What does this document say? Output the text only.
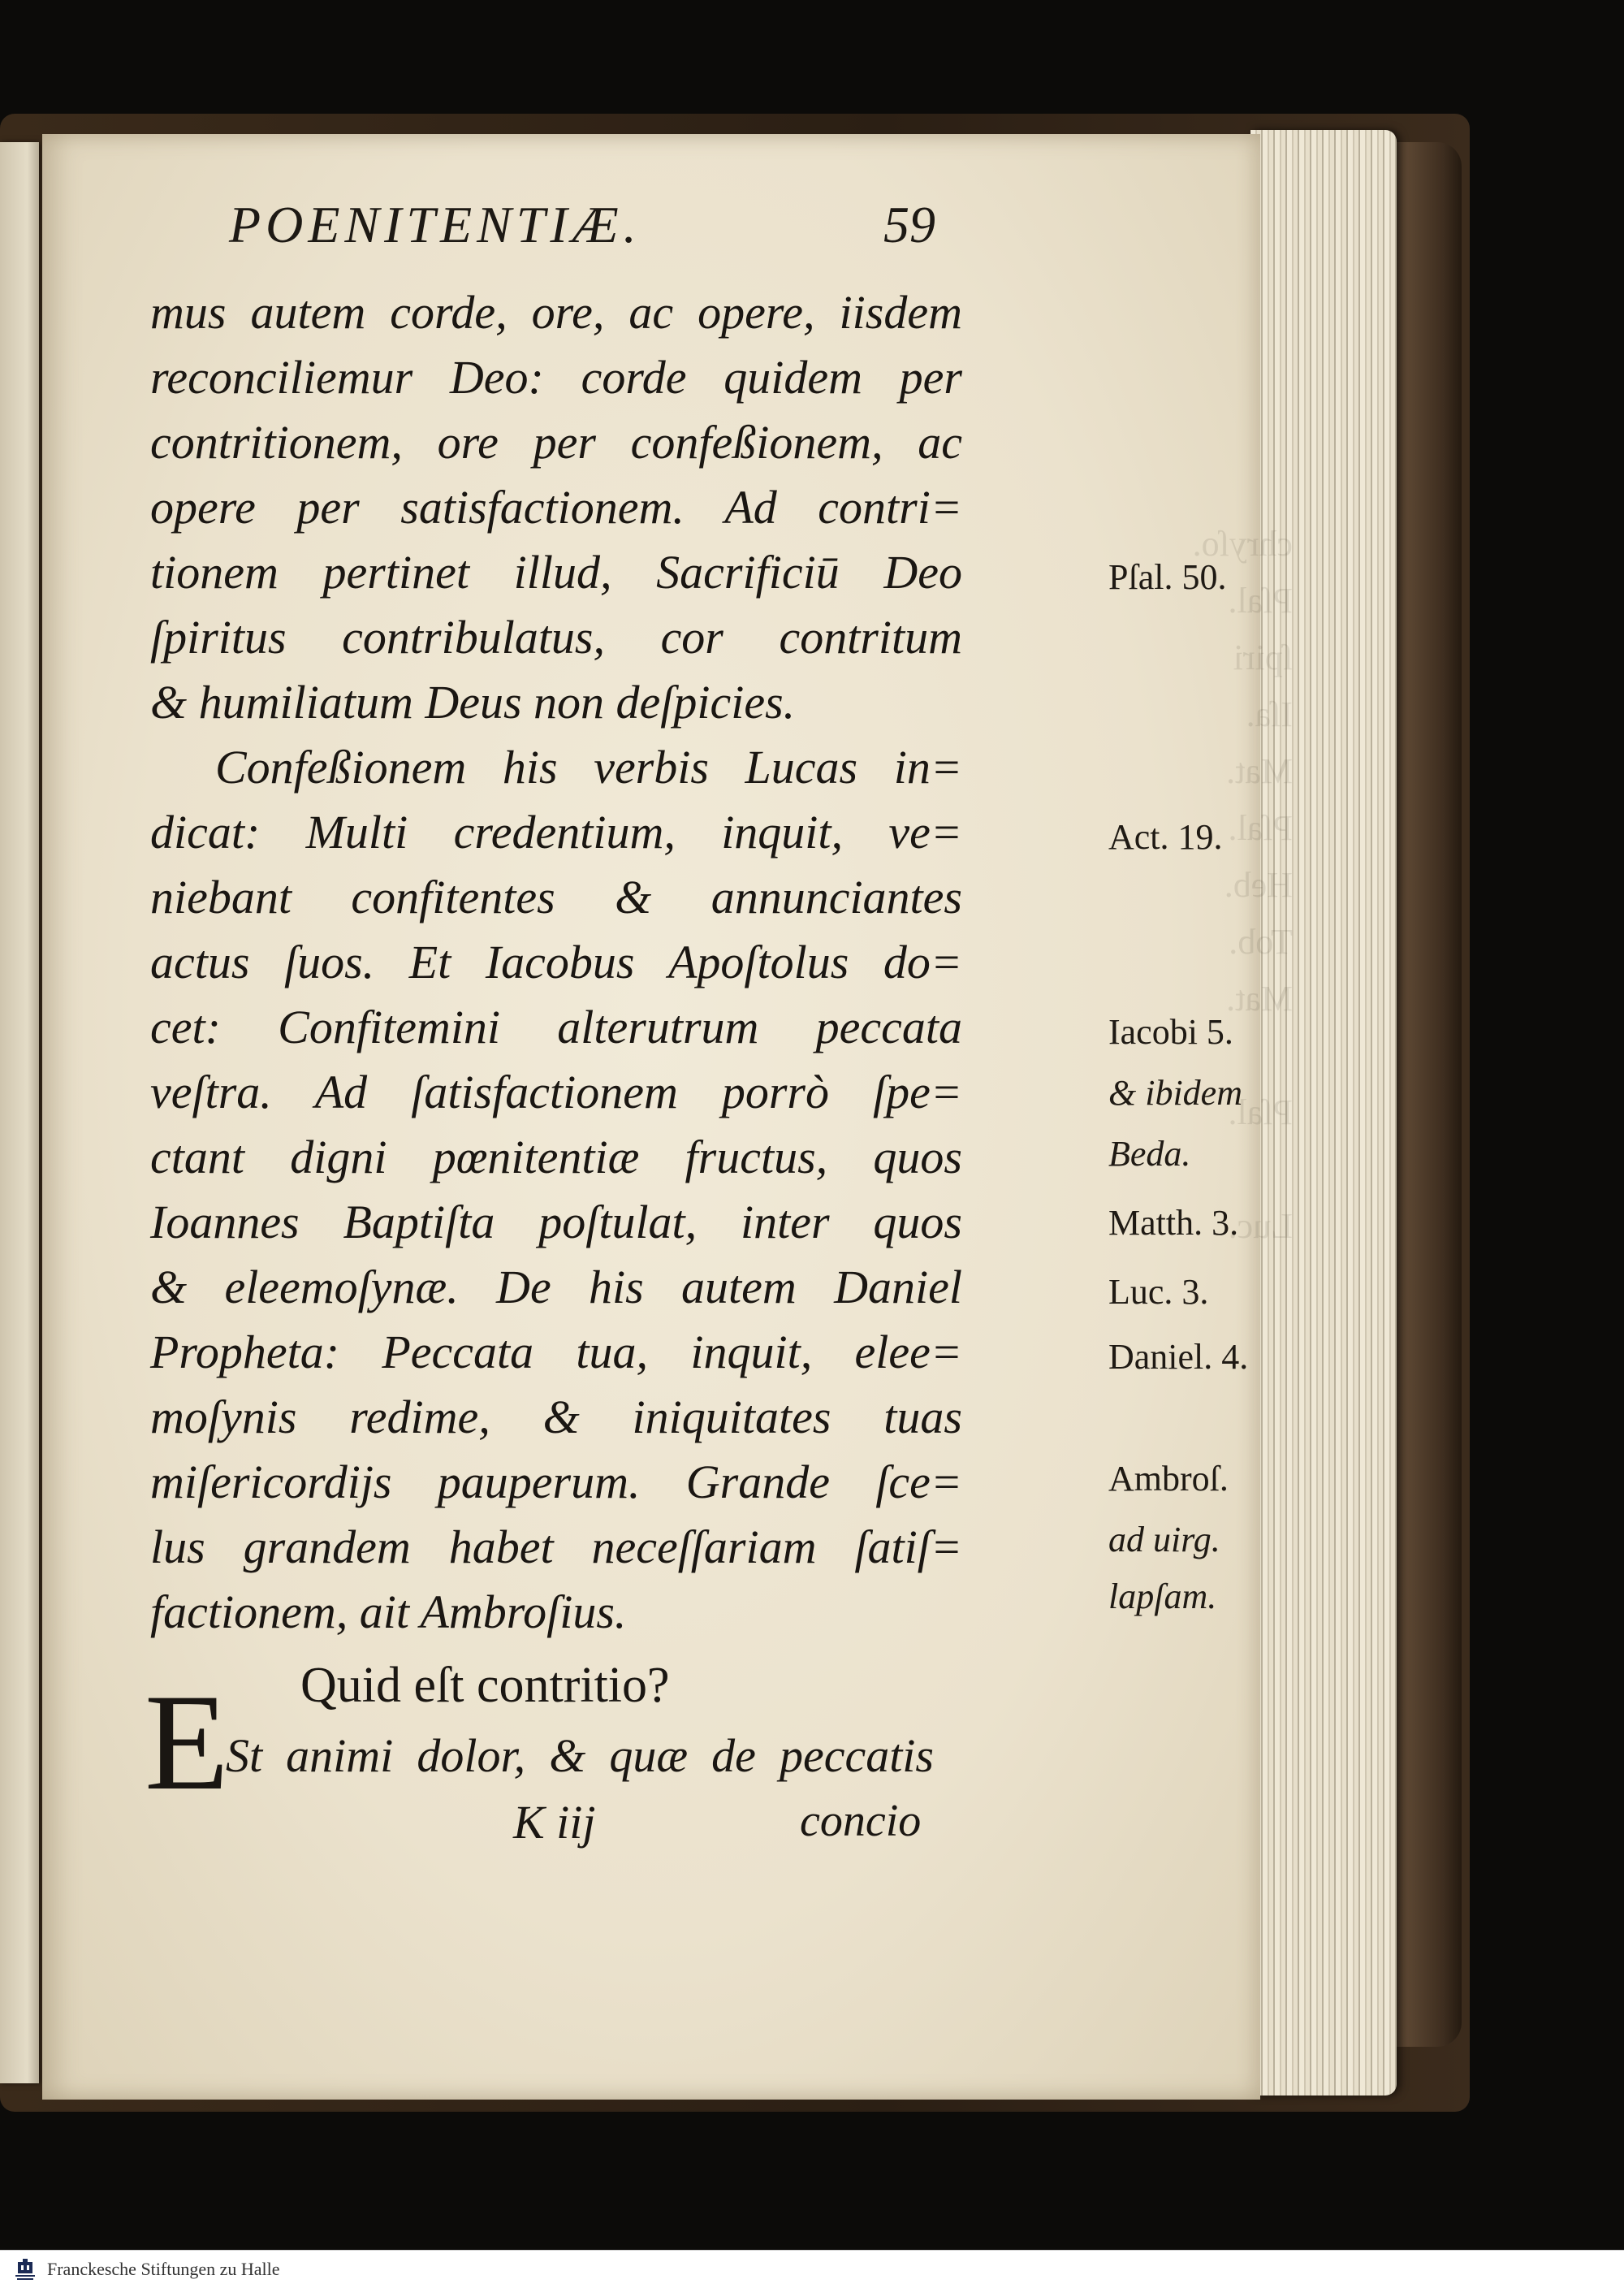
chryſo.
Pſal.
ſpiri
Iſa.
Mat.
Pſal.
Heb.
Tob.
Mat.

Pſal.

Luc.
POENITENTIÆ.	59
mus autem corde, ore, ac opere, iisdem
reconciliemur Deo: corde quidem per
contritionem, ore per confeßionem, ac
opere per satisfactionem. Ad contri=
tionem pertinet illud, Sacrificiū Deo
ſpiritus contribulatus, cor contritum
& humiliatum Deus non deſpicies.
Confeßionem his verbis Lucas in=
dicat: Multi credentium, inquit, ve=
niebant confitentes & annunciantes
actus ſuos. Et Iacobus Apoſtolus do=
cet: Confitemini alterutrum peccata
veſtra. Ad ſatisfactionem porrò ſpe=
ctant digni pœnitentiæ fructus, quos
Ioannes Baptiſta poſtulat, inter quos
& eleemoſynæ. De his autem Daniel
Propheta: Peccata tua, inquit, elee=
moſynis redime, & iniquitates tuas
miſericordijs pauperum. Grande ſce=
lus grandem habet neceſſariam ſatiſ=
factionem, ait Ambroſius.
Pſal. 50.
Act. 19.
Iacobi 5.
& ibidem
Beda.
Matth. 3.
Luc. 3.
Daniel. 4.
Ambroſ.
ad uirg.
lapſam.
Quid eſt contritio?
E
St animi dolor, & quæ de peccatis
K iij	concio
Franckesche Stiftungen zu Halle
